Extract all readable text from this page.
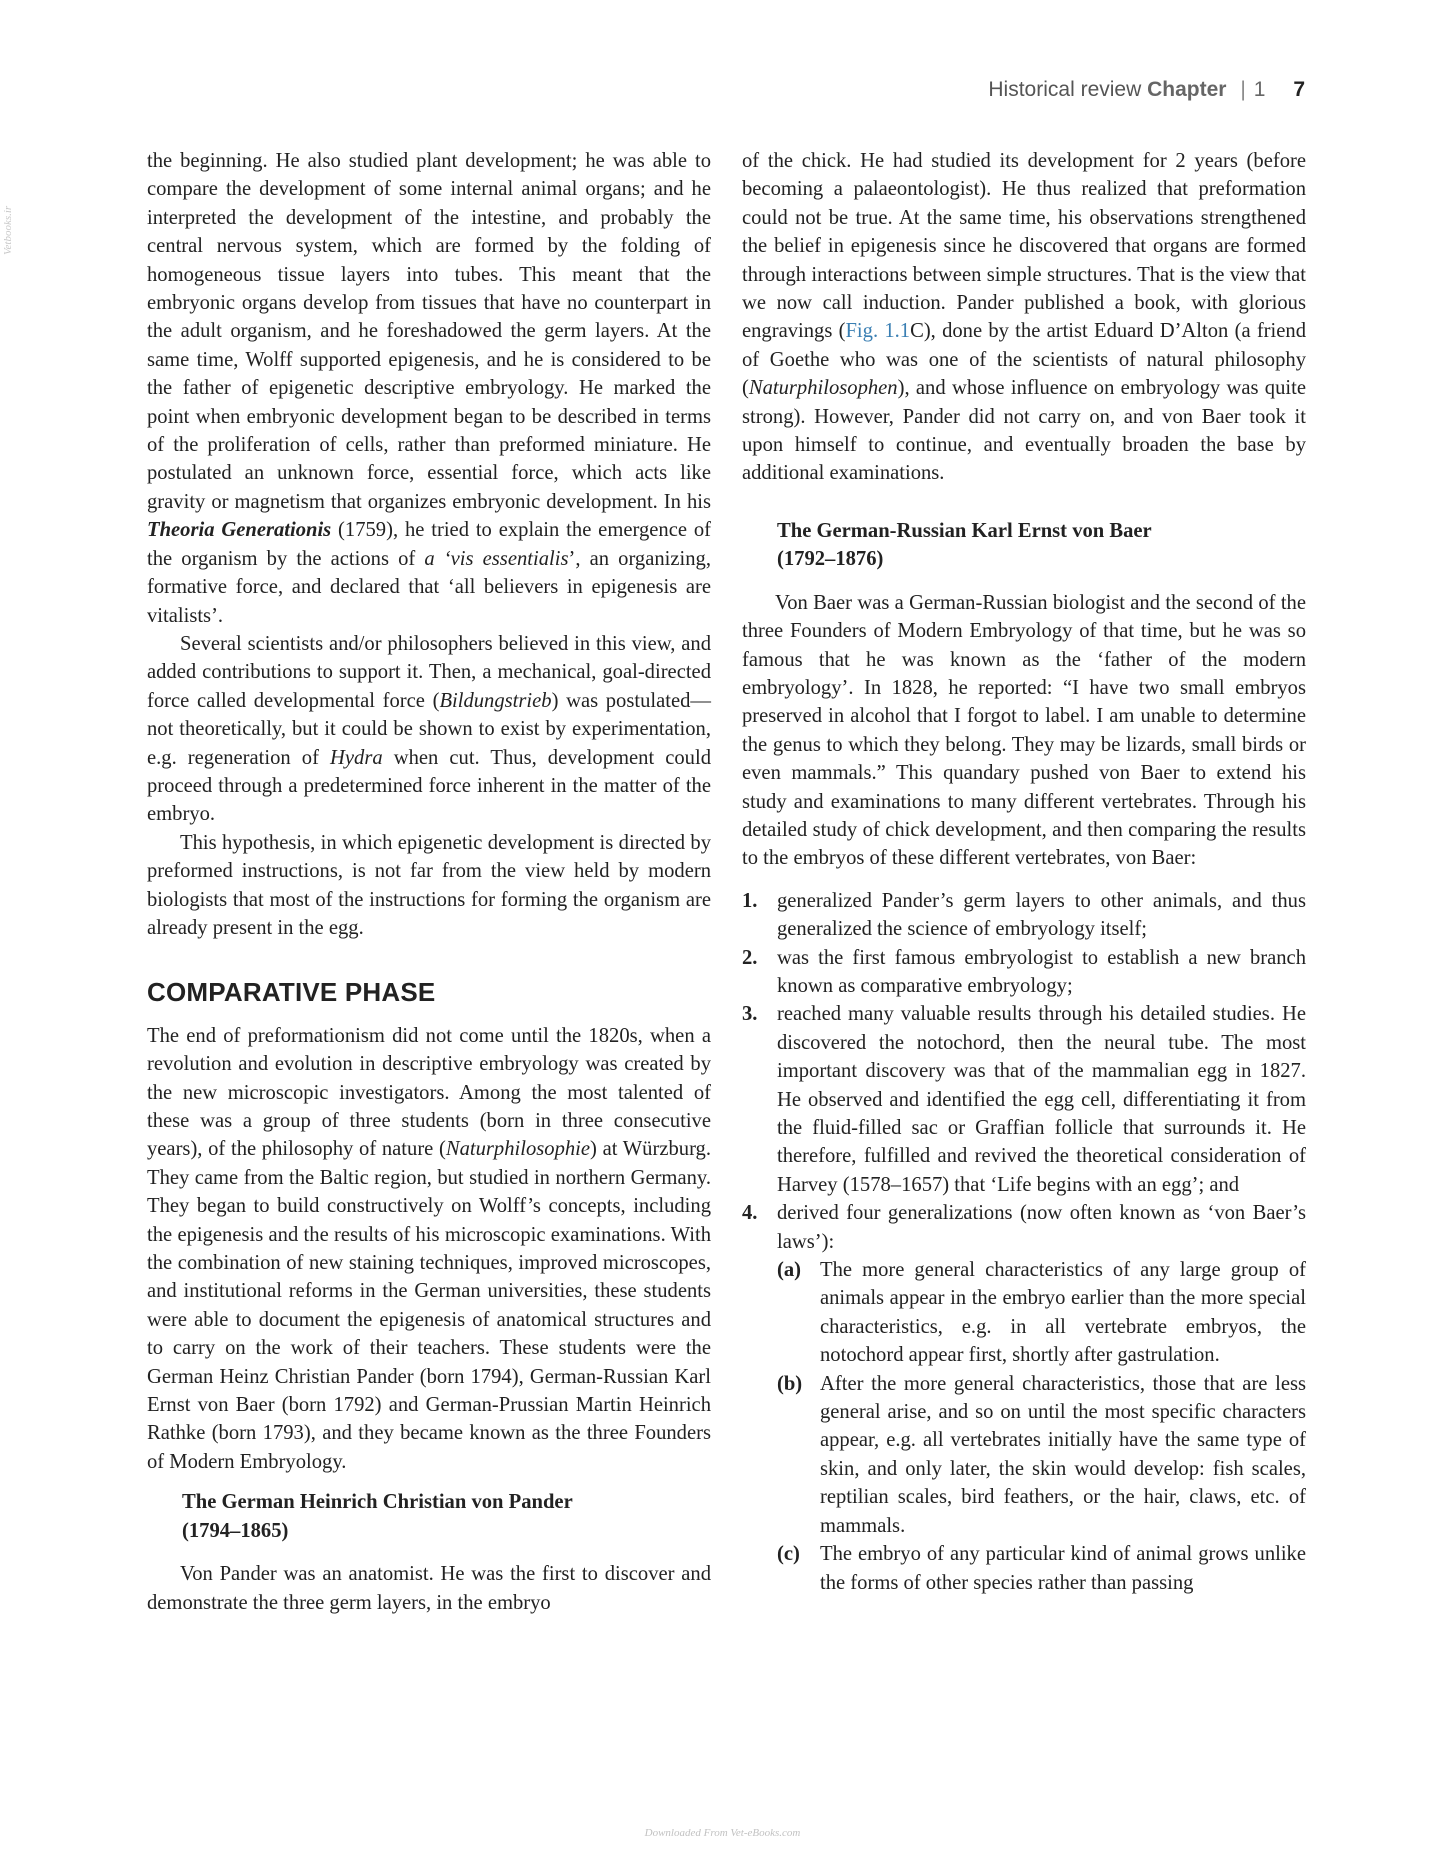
Historical review Chapter | 1 7
Vetbooks.ir

the beginning. He also studied plant development; he was able to compare the development of some internal animal organs; and he interpreted the development of the intestine, and probably the central nervous system, which are formed by the folding of homogeneous tissue layers into tubes. This meant that the embryonic organs develop from tissues that have no counterpart in the adult organism, and he foreshadowed the germ layers. At the same time, Wolff supported epigenesis, and he is considered to be the father of epigenetic descriptive embryology. He marked the point when embryonic development began to be described in terms of the proliferation of cells, rather than preformed miniature. He postulated an unknown force, essential force, which acts like gravity or magnetism that organizes embryonic development. In his Theoria Generationis (1759), he tried to explain the emergence of the organism by the actions of a ‘vis essentialis’, an organizing, formative force, and declared that ‘all believers in epigenesis are vitalists’.

Several scientists and/or philosophers believed in this view, and added contributions to support it. Then, a mechanical, goal-directed force called developmental force (Bildungstrieb) was postulated—not theoretically, but it could be shown to exist by experimentation, e.g. regeneration of Hydra when cut. Thus, development could proceed through a predetermined force inherent in the matter of the embryo.

This hypothesis, in which epigenetic development is directed by preformed instructions, is not far from the view held by modern biologists that most of the instructions for forming the organism are already present in the egg.

COMPARATIVE PHASE

The end of preformationism did not come until the 1820s, when a revolution and evolution in descriptive embryology was created by the new microscopic investigators. Among the most talented of these was a group of three students (born in three consecutive years), of the philosophy of nature (Naturphilosophie) at Würzburg. They came from the Baltic region, but studied in northern Germany. They began to build constructively on Wolff’s concepts, including the epigenesis and the results of his microscopic examinations. With the combination of new staining techniques, improved microscopes, and institutional reforms in the German universities, these students were able to document the epigenesis of anatomical structures and to carry on the work of their teachers. These students were the German Heinz Christian Pander (born 1794), German-Russian Karl Ernst von Baer (born 1792) and German-Prussian Martin Heinrich Rathke (born 1793), and they became known as the three Founders of Modern Embryology.

The German Heinrich Christian von Pander
(1794–1865)

Von Pander was an anatomist. He was the first to discover and demonstrate the three germ layers, in the embryo

of the chick. He had studied its development for 2 years (before becoming a palaeontologist). He thus realized that preformation could not be true. At the same time, his observations strengthened the belief in epigenesis since he discovered that organs are formed through interactions between simple structures. That is the view that we now call induction. Pander published a book, with glorious engravings (Fig. 1.1C), done by the artist Eduard D’Alton (a friend of Goethe who was one of the scientists of natural philosophy (Naturphilosophen), and whose influence on embryology was quite strong). However, Pander did not carry on, and von Baer took it upon himself to continue, and eventually broaden the base by additional examinations.

The German-Russian Karl Ernst von Baer
(1792–1876)

Von Baer was a German-Russian biologist and the second of the three Founders of Modern Embryology of that time, but he was so famous that he was known as the ‘father of the modern embryology’. In 1828, he reported: “I have two small embryos preserved in alcohol that I forgot to label. I am unable to determine the genus to which they belong. They may be lizards, small birds or even mammals.” This quandary pushed von Baer to extend his study and examinations to many different vertebrates. Through his detailed study of chick development, and then comparing the results to the embryos of these different vertebrates, von Baer:

1. generalized Pander’s germ layers to other animals, and thus generalized the science of embryology itself;
2. was the first famous embryologist to establish a new branch known as comparative embryology;
3. reached many valuable results through his detailed studies. He discovered the notochord, then the neural tube. The most important discovery was that of the mammalian egg in 1827. He observed and identified the egg cell, differentiating it from the fluid-filled sac or Graffian follicle that surrounds it. He therefore, fulfilled and revived the theoretical consideration of Harvey (1578–1657) that ‘Life begins with an egg’; and
4. derived four generalizations (now often known as ‘von Baer’s laws’):
(a) The more general characteristics of any large group of animals appear in the embryo earlier than the more special characteristics, e.g. in all vertebrate embryos, the notochord appear first, shortly after gastrulation.
(b) After the more general characteristics, those that are less general arise, and so on until the most specific characters appear, e.g. all vertebrates initially have the same type of skin, and only later, the skin would develop: fish scales, reptilian scales, bird feathers, or the hair, claws, etc. of mammals.
(c) The embryo of any particular kind of animal grows unlike the forms of other species rather than passing
Downloaded From Vet-eBooks.com
